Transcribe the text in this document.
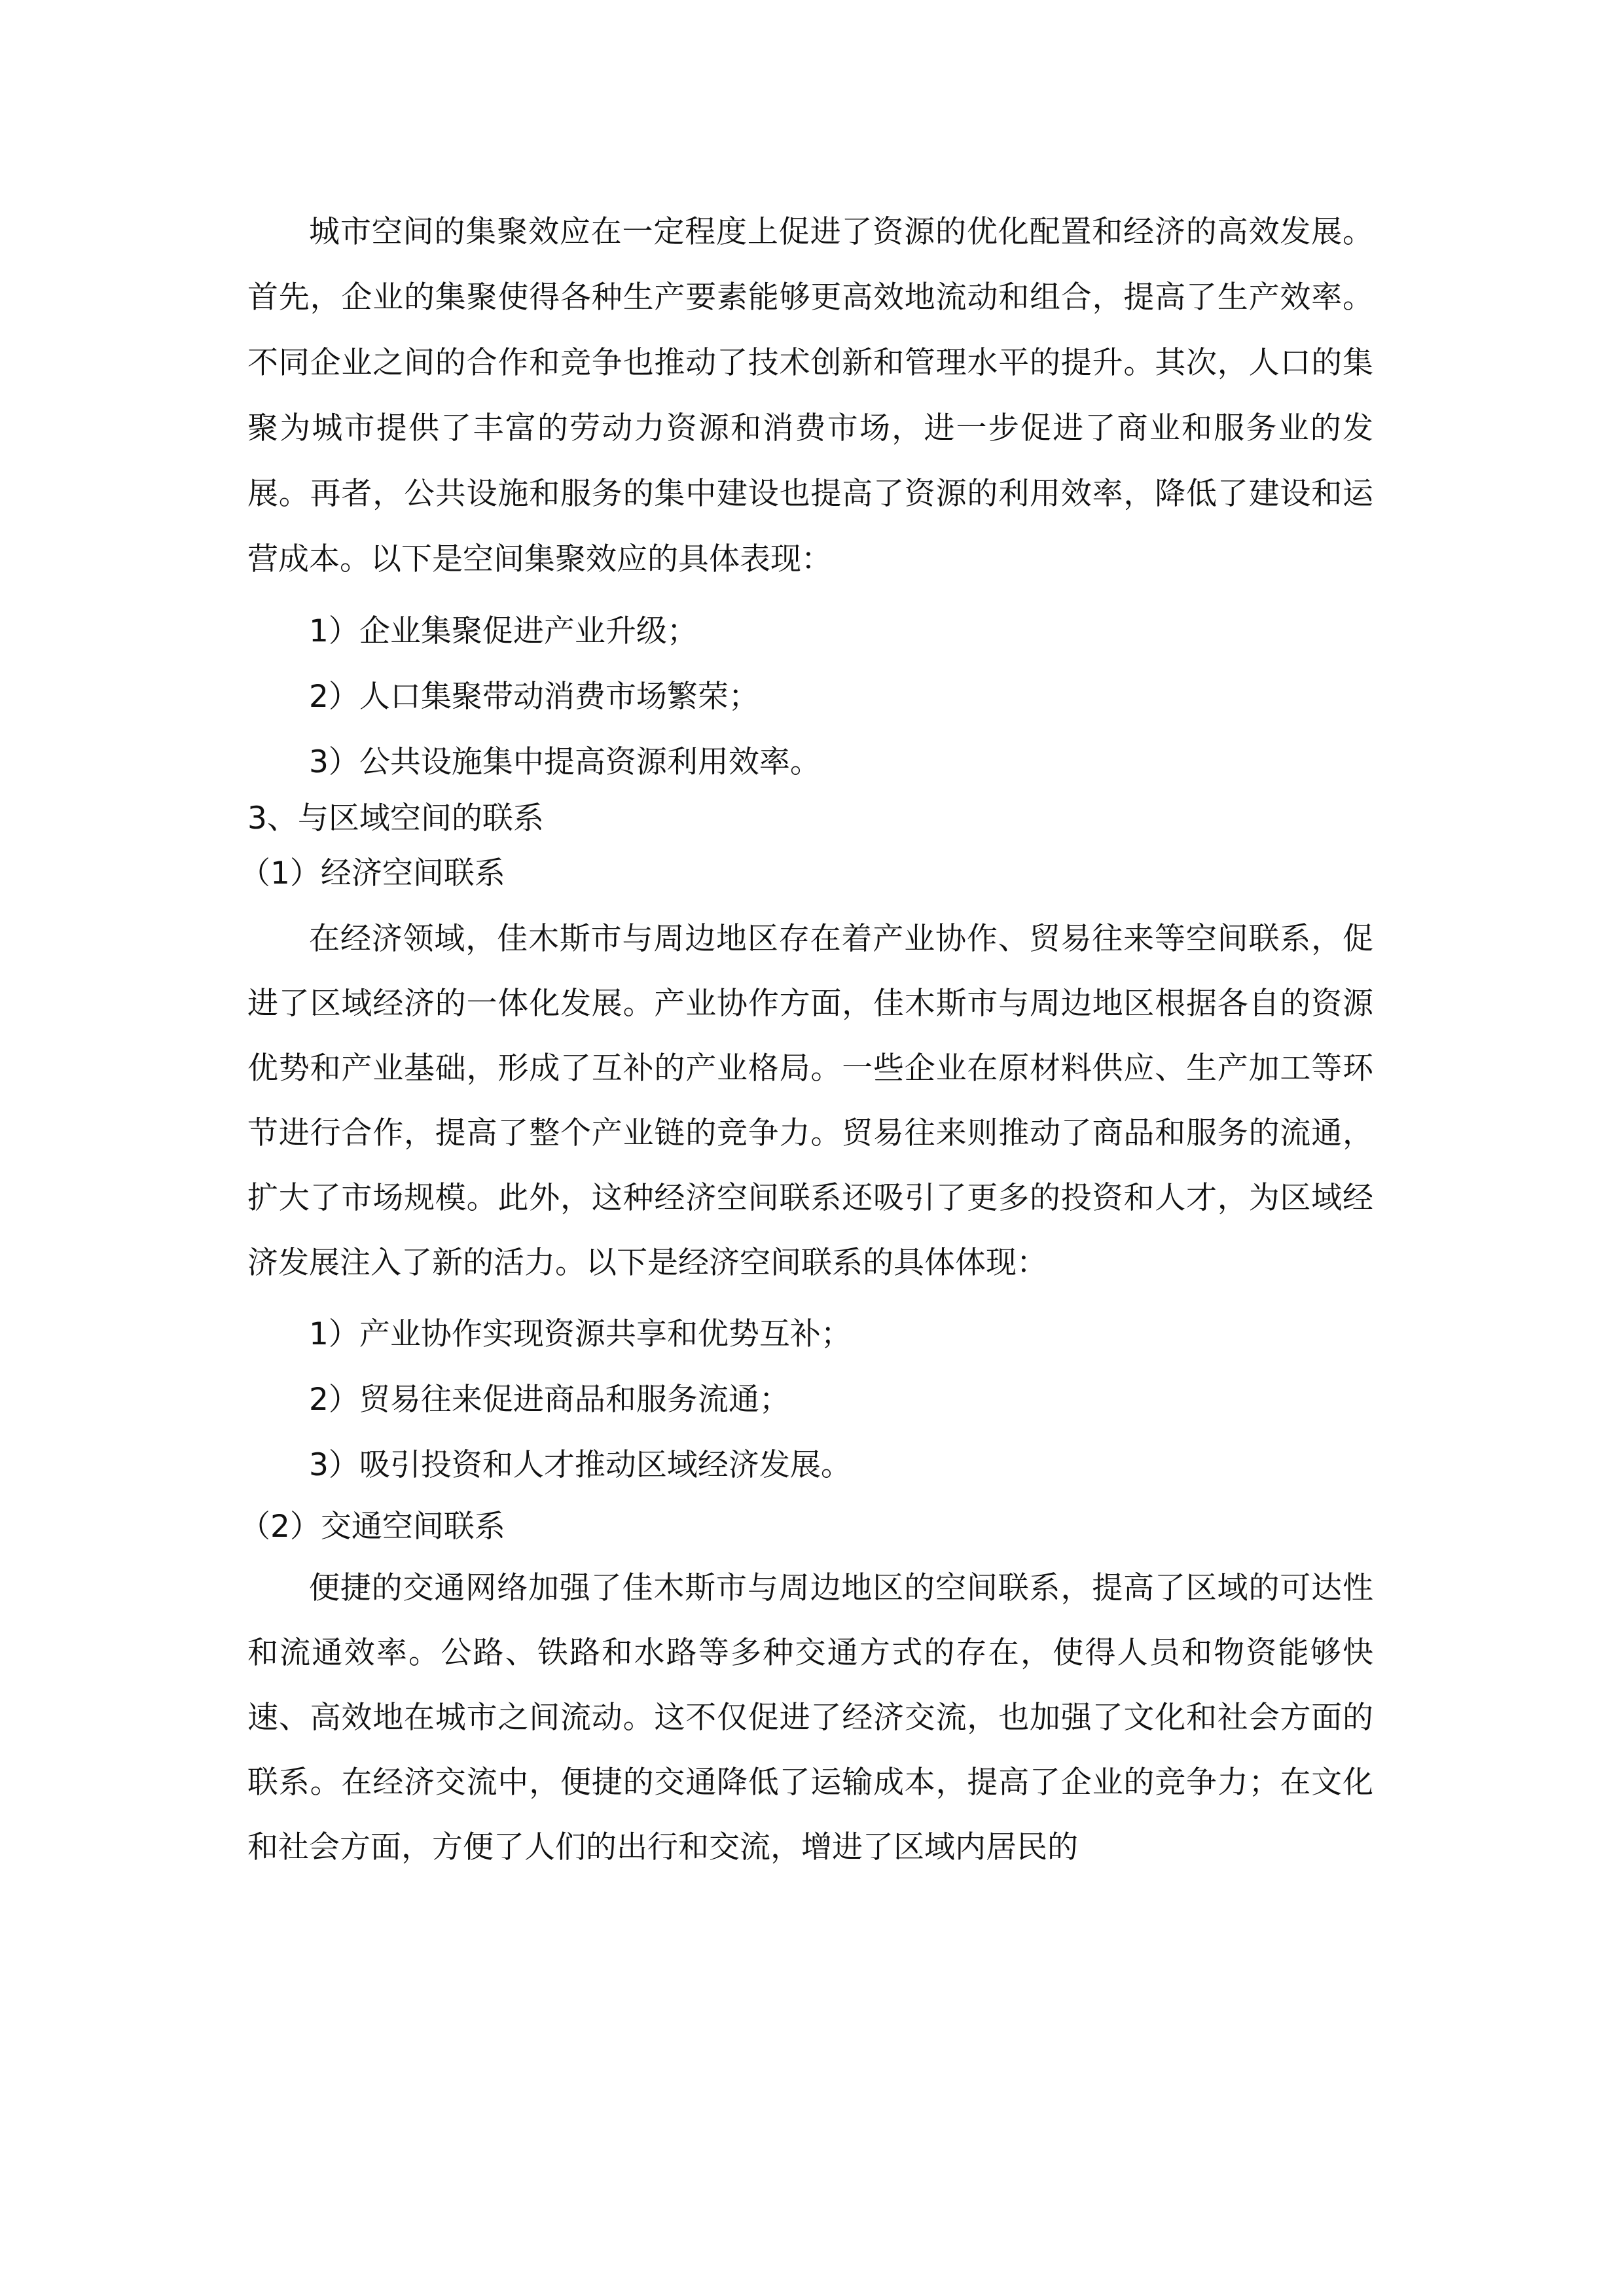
城市空间的集聚效应在一定程度上促进了资源的优化配置和经济的高效发展。首先，企业的集聚使得各种生产要素能够更高效地流动和组合，提高了生产效率。不同企业之间的合作和竞争也推动了技术创新和管理水平的提升。其次，人口的集聚为城市提供了丰富的劳动力资源和消费市场，进一步促进了商业和服务业的发展。再者，公共设施和服务的集中建设也提高了资源的利用效率，降低了建设和运营成本。以下是空间集聚效应的具体表现：

1）企业集聚促进产业升级；

2）人口集聚带动消费市场繁荣；

3）公共设施集中提高资源利用效率。

3、与区域空间的联系

（1）经济空间联系

在经济领域，佳木斯市与周边地区存在着产业协作、贸易往来等空间联系，促进了区域经济的一体化发展。产业协作方面，佳木斯市与周边地区根据各自的资源优势和产业基础，形成了互补的产业格局。一些企业在原材料供应、生产加工等环节进行合作，提高了整个产业链的竞争力。贸易往来则推动了商品和服务的流通，扩大了市场规模。此外，这种经济空间联系还吸引了更多的投资和人才，为区域经济发展注入了新的活力。以下是经济空间联系的具体体现：

1）产业协作实现资源共享和优势互补；

2）贸易往来促进商品和服务流通；

3）吸引投资和人才推动区域经济发展。

（2）交通空间联系

便捷的交通网络加强了佳木斯市与周边地区的空间联系，提高了区域的可达性和流通效率。公路、铁路和水路等多种交通方式的存在，使得人员和物资能够快速、高效地在城市之间流动。这不仅促进了经济交流，也加强了文化和社会方面的联系。在经济交流中，便捷的交通降低了运输成本，提高了企业的竞争力；在文化和社会方面，方便了人们的出行和交流，增进了区域内居民的
